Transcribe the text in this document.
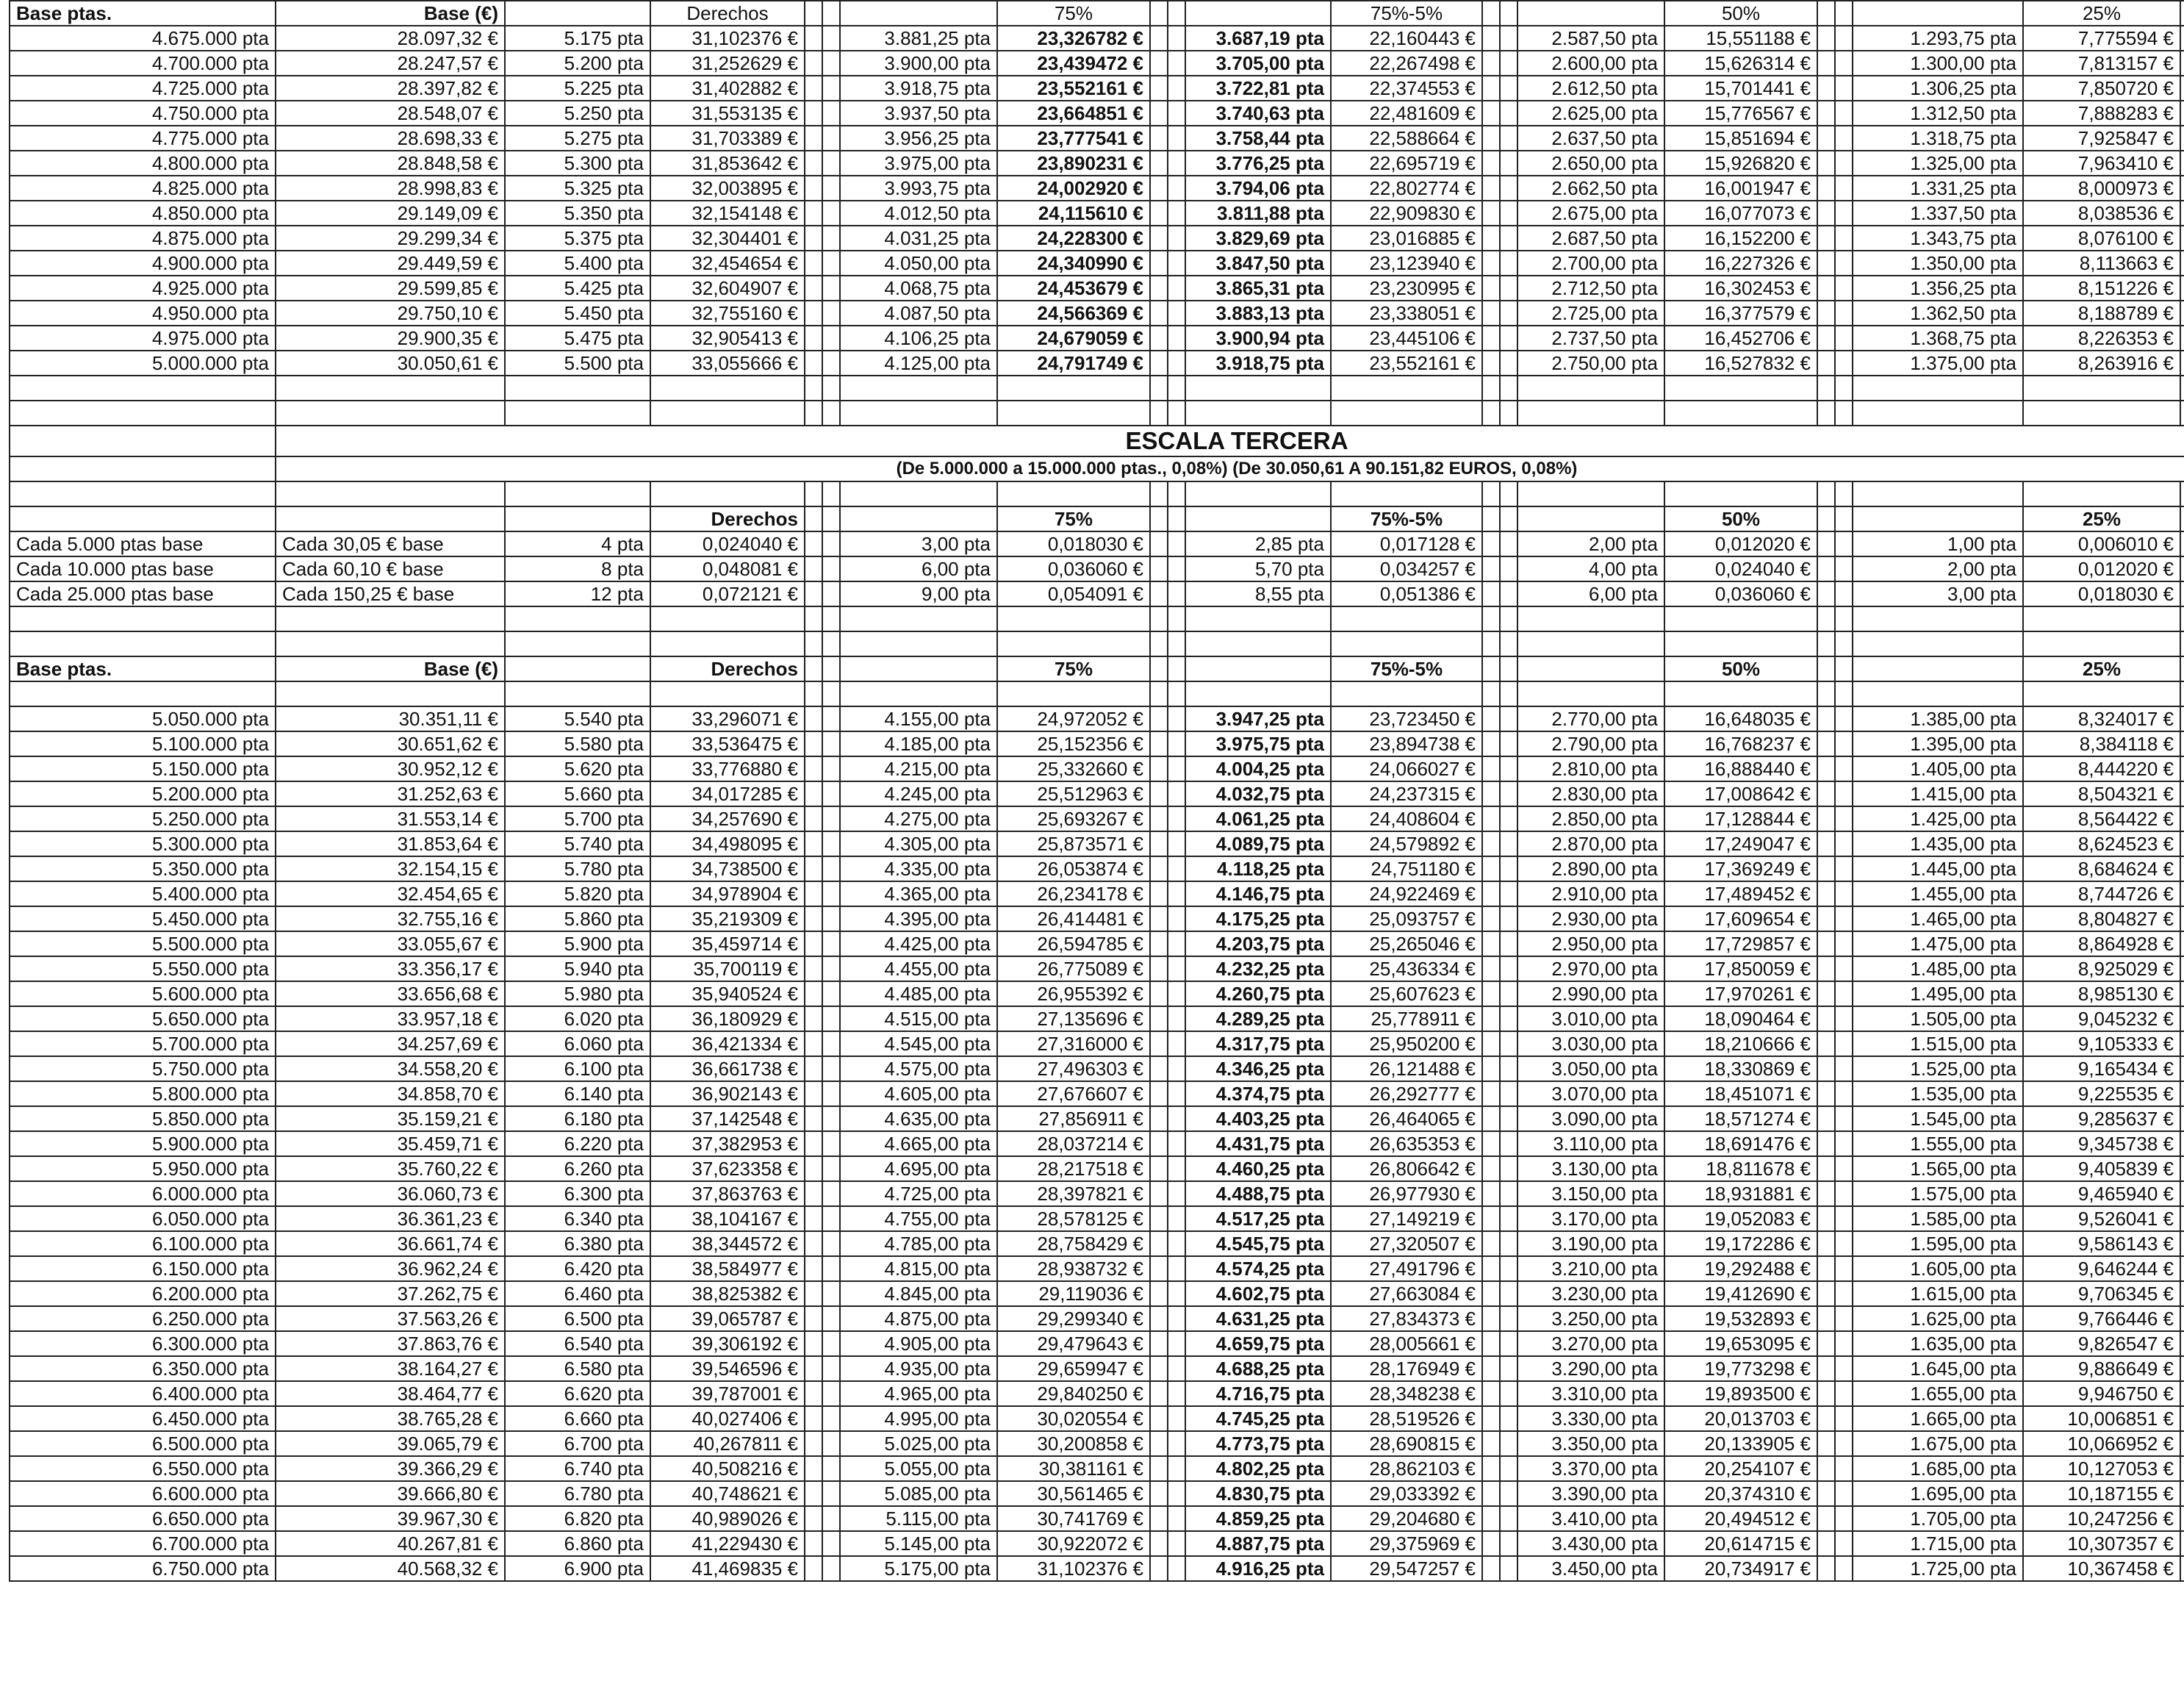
Base ptas.	Base (€)		Derechos				75%				75%-5%				50%				25%	
4.675.000 pta	28.097,32 €	5.175 pta	31,102376 €			3.881,25 pta	23,326782 €			3.687,19 pta	22,160443 €			2.587,50 pta	15,551188 €			1.293,75 pta	7,775594 €	
4.700.000 pta	28.247,57 €	5.200 pta	31,252629 €			3.900,00 pta	23,439472 €			3.705,00 pta	22,267498 €			2.600,00 pta	15,626314 €			1.300,00 pta	7,813157 €	
4.725.000 pta	28.397,82 €	5.225 pta	31,402882 €			3.918,75 pta	23,552161 €			3.722,81 pta	22,374553 €			2.612,50 pta	15,701441 €			1.306,25 pta	7,850720 €	
4.750.000 pta	28.548,07 €	5.250 pta	31,553135 €			3.937,50 pta	23,664851 €			3.740,63 pta	22,481609 €			2.625,00 pta	15,776567 €			1.312,50 pta	7,888283 €	
4.775.000 pta	28.698,33 €	5.275 pta	31,703389 €			3.956,25 pta	23,777541 €			3.758,44 pta	22,588664 €			2.637,50 pta	15,851694 €			1.318,75 pta	7,925847 €	
4.800.000 pta	28.848,58 €	5.300 pta	31,853642 €			3.975,00 pta	23,890231 €			3.776,25 pta	22,695719 €			2.650,00 pta	15,926820 €			1.325,00 pta	7,963410 €	
4.825.000 pta	28.998,83 €	5.325 pta	32,003895 €			3.993,75 pta	24,002920 €			3.794,06 pta	22,802774 €			2.662,50 pta	16,001947 €			1.331,25 pta	8,000973 €	
4.850.000 pta	29.149,09 €	5.350 pta	32,154148 €			4.012,50 pta	24,115610 €			3.811,88 pta	22,909830 €			2.675,00 pta	16,077073 €			1.337,50 pta	8,038536 €	
4.875.000 pta	29.299,34 €	5.375 pta	32,304401 €			4.031,25 pta	24,228300 €			3.829,69 pta	23,016885 €			2.687,50 pta	16,152200 €			1.343,75 pta	8,076100 €	
4.900.000 pta	29.449,59 €	5.400 pta	32,454654 €			4.050,00 pta	24,340990 €			3.847,50 pta	23,123940 €			2.700,00 pta	16,227326 €			1.350,00 pta	8,113663 €	
4.925.000 pta	29.599,85 €	5.425 pta	32,604907 €			4.068,75 pta	24,453679 €			3.865,31 pta	23,230995 €			2.712,50 pta	16,302453 €			1.356,25 pta	8,151226 €	
4.950.000 pta	29.750,10 €	5.450 pta	32,755160 €			4.087,50 pta	24,566369 €			3.883,13 pta	23,338051 €			2.725,00 pta	16,377579 €			1.362,50 pta	8,188789 €	
4.975.000 pta	29.900,35 €	5.475 pta	32,905413 €			4.106,25 pta	24,679059 €			3.900,94 pta	23,445106 €			2.737,50 pta	16,452706 €			1.368,75 pta	8,226353 €	
5.000.000 pta	30.050,61 €	5.500 pta	33,055666 €			4.125,00 pta	24,791749 €			3.918,75 pta	23,552161 €			2.750,00 pta	16,527832 €			1.375,00 pta	8,263916 €	

	ESCALA TERCERA																			
	(De 5.000.000 a 15.000.000 ptas., 0,08%) (De 30.050,61 A 90.151,82 EUROS, 0,08%)																			

			Derechos				75%				75%-5%				50%				25%	
Cada 5.000 ptas base	Cada 30,05 € base	4 pta	0,024040 €			3,00 pta	0,018030 €			2,85 pta	0,017128 €			2,00 pta	0,012020 €			1,00 pta	0,006010 €	
Cada 10.000 ptas base	Cada 60,10 € base	8 pta	0,048081 €			6,00 pta	0,036060 €			5,70 pta	0,034257 €			4,00 pta	0,024040 €			2,00 pta	0,012020 €	
Cada 25.000 ptas base	Cada 150,25 € base	12 pta	0,072121 €			9,00 pta	0,054091 €			8,55 pta	0,051386 €			6,00 pta	0,036060 €			3,00 pta	0,018030 €	

Base ptas.	Base (€)		Derechos				75%				75%-5%				50%				25%	

5.050.000 pta	30.351,11 €	5.540 pta	33,296071 €			4.155,00 pta	24,972052 €			3.947,25 pta	23,723450 €			2.770,00 pta	16,648035 €			1.385,00 pta	8,324017 €	
5.100.000 pta	30.651,62 €	5.580 pta	33,536475 €			4.185,00 pta	25,152356 €			3.975,75 pta	23,894738 €			2.790,00 pta	16,768237 €			1.395,00 pta	8,384118 €	
5.150.000 pta	30.952,12 €	5.620 pta	33,776880 €			4.215,00 pta	25,332660 €			4.004,25 pta	24,066027 €			2.810,00 pta	16,888440 €			1.405,00 pta	8,444220 €	
5.200.000 pta	31.252,63 €	5.660 pta	34,017285 €			4.245,00 pta	25,512963 €			4.032,75 pta	24,237315 €			2.830,00 pta	17,008642 €			1.415,00 pta	8,504321 €	
5.250.000 pta	31.553,14 €	5.700 pta	34,257690 €			4.275,00 pta	25,693267 €			4.061,25 pta	24,408604 €			2.850,00 pta	17,128844 €			1.425,00 pta	8,564422 €	
5.300.000 pta	31.853,64 €	5.740 pta	34,498095 €			4.305,00 pta	25,873571 €			4.089,75 pta	24,579892 €			2.870,00 pta	17,249047 €			1.435,00 pta	8,624523 €	
5.350.000 pta	32.154,15 €	5.780 pta	34,738500 €			4.335,00 pta	26,053874 €			4.118,25 pta	24,751180 €			2.890,00 pta	17,369249 €			1.445,00 pta	8,684624 €	
5.400.000 pta	32.454,65 €	5.820 pta	34,978904 €			4.365,00 pta	26,234178 €			4.146,75 pta	24,922469 €			2.910,00 pta	17,489452 €			1.455,00 pta	8,744726 €	
5.450.000 pta	32.755,16 €	5.860 pta	35,219309 €			4.395,00 pta	26,414481 €			4.175,25 pta	25,093757 €			2.930,00 pta	17,609654 €			1.465,00 pta	8,804827 €	
5.500.000 pta	33.055,67 €	5.900 pta	35,459714 €			4.425,00 pta	26,594785 €			4.203,75 pta	25,265046 €			2.950,00 pta	17,729857 €			1.475,00 pta	8,864928 €	
5.550.000 pta	33.356,17 €	5.940 pta	35,700119 €			4.455,00 pta	26,775089 €			4.232,25 pta	25,436334 €			2.970,00 pta	17,850059 €			1.485,00 pta	8,925029 €	
5.600.000 pta	33.656,68 €	5.980 pta	35,940524 €			4.485,00 pta	26,955392 €			4.260,75 pta	25,607623 €			2.990,00 pta	17,970261 €			1.495,00 pta	8,985130 €	
5.650.000 pta	33.957,18 €	6.020 pta	36,180929 €			4.515,00 pta	27,135696 €			4.289,25 pta	25,778911 €			3.010,00 pta	18,090464 €			1.505,00 pta	9,045232 €	
5.700.000 pta	34.257,69 €	6.060 pta	36,421334 €			4.545,00 pta	27,316000 €			4.317,75 pta	25,950200 €			3.030,00 pta	18,210666 €			1.515,00 pta	9,105333 €	
5.750.000 pta	34.558,20 €	6.100 pta	36,661738 €			4.575,00 pta	27,496303 €			4.346,25 pta	26,121488 €			3.050,00 pta	18,330869 €			1.525,00 pta	9,165434 €	
5.800.000 pta	34.858,70 €	6.140 pta	36,902143 €			4.605,00 pta	27,676607 €			4.374,75 pta	26,292777 €			3.070,00 pta	18,451071 €			1.535,00 pta	9,225535 €	
5.850.000 pta	35.159,21 €	6.180 pta	37,142548 €			4.635,00 pta	27,856911 €			4.403,25 pta	26,464065 €			3.090,00 pta	18,571274 €			1.545,00 pta	9,285637 €	
5.900.000 pta	35.459,71 €	6.220 pta	37,382953 €			4.665,00 pta	28,037214 €			4.431,75 pta	26,635353 €			3.110,00 pta	18,691476 €			1.555,00 pta	9,345738 €	
5.950.000 pta	35.760,22 €	6.260 pta	37,623358 €			4.695,00 pta	28,217518 €			4.460,25 pta	26,806642 €			3.130,00 pta	18,811678 €			1.565,00 pta	9,405839 €	
6.000.000 pta	36.060,73 €	6.300 pta	37,863763 €			4.725,00 pta	28,397821 €			4.488,75 pta	26,977930 €			3.150,00 pta	18,931881 €			1.575,00 pta	9,465940 €	
6.050.000 pta	36.361,23 €	6.340 pta	38,104167 €			4.755,00 pta	28,578125 €			4.517,25 pta	27,149219 €			3.170,00 pta	19,052083 €			1.585,00 pta	9,526041 €	
6.100.000 pta	36.661,74 €	6.380 pta	38,344572 €			4.785,00 pta	28,758429 €			4.545,75 pta	27,320507 €			3.190,00 pta	19,172286 €			1.595,00 pta	9,586143 €	
6.150.000 pta	36.962,24 €	6.420 pta	38,584977 €			4.815,00 pta	28,938732 €			4.574,25 pta	27,491796 €			3.210,00 pta	19,292488 €			1.605,00 pta	9,646244 €	
6.200.000 pta	37.262,75 €	6.460 pta	38,825382 €			4.845,00 pta	29,119036 €			4.602,75 pta	27,663084 €			3.230,00 pta	19,412690 €			1.615,00 pta	9,706345 €	
6.250.000 pta	37.563,26 €	6.500 pta	39,065787 €			4.875,00 pta	29,299340 €			4.631,25 pta	27,834373 €			3.250,00 pta	19,532893 €			1.625,00 pta	9,766446 €	
6.300.000 pta	37.863,76 €	6.540 pta	39,306192 €			4.905,00 pta	29,479643 €			4.659,75 pta	28,005661 €			3.270,00 pta	19,653095 €			1.635,00 pta	9,826547 €	
6.350.000 pta	38.164,27 €	6.580 pta	39,546596 €			4.935,00 pta	29,659947 €			4.688,25 pta	28,176949 €			3.290,00 pta	19,773298 €			1.645,00 pta	9,886649 €	
6.400.000 pta	38.464,77 €	6.620 pta	39,787001 €			4.965,00 pta	29,840250 €			4.716,75 pta	28,348238 €			3.310,00 pta	19,893500 €			1.655,00 pta	9,946750 €	
6.450.000 pta	38.765,28 €	6.660 pta	40,027406 €			4.995,00 pta	30,020554 €			4.745,25 pta	28,519526 €			3.330,00 pta	20,013703 €			1.665,00 pta	10,006851 €	
6.500.000 pta	39.065,79 €	6.700 pta	40,267811 €			5.025,00 pta	30,200858 €			4.773,75 pta	28,690815 €			3.350,00 pta	20,133905 €			1.675,00 pta	10,066952 €	
6.550.000 pta	39.366,29 €	6.740 pta	40,508216 €			5.055,00 pta	30,381161 €			4.802,25 pta	28,862103 €			3.370,00 pta	20,254107 €			1.685,00 pta	10,127053 €	
6.600.000 pta	39.666,80 €	6.780 pta	40,748621 €			5.085,00 pta	30,561465 €			4.830,75 pta	29,033392 €			3.390,00 pta	20,374310 €			1.695,00 pta	10,187155 €	
6.650.000 pta	39.967,30 €	6.820 pta	40,989026 €			5.115,00 pta	30,741769 €			4.859,25 pta	29,204680 €			3.410,00 pta	20,494512 €			1.705,00 pta	10,247256 €	
6.700.000 pta	40.267,81 €	6.860 pta	41,229430 €			5.145,00 pta	30,922072 €			4.887,75 pta	29,375969 €			3.430,00 pta	20,614715 €			1.715,00 pta	10,307357 €	
6.750.000 pta	40.568,32 €	6.900 pta	41,469835 €			5.175,00 pta	31,102376 €			4.916,25 pta	29,547257 €			3.450,00 pta	20,734917 €			1.725,00 pta	10,367458 €	
